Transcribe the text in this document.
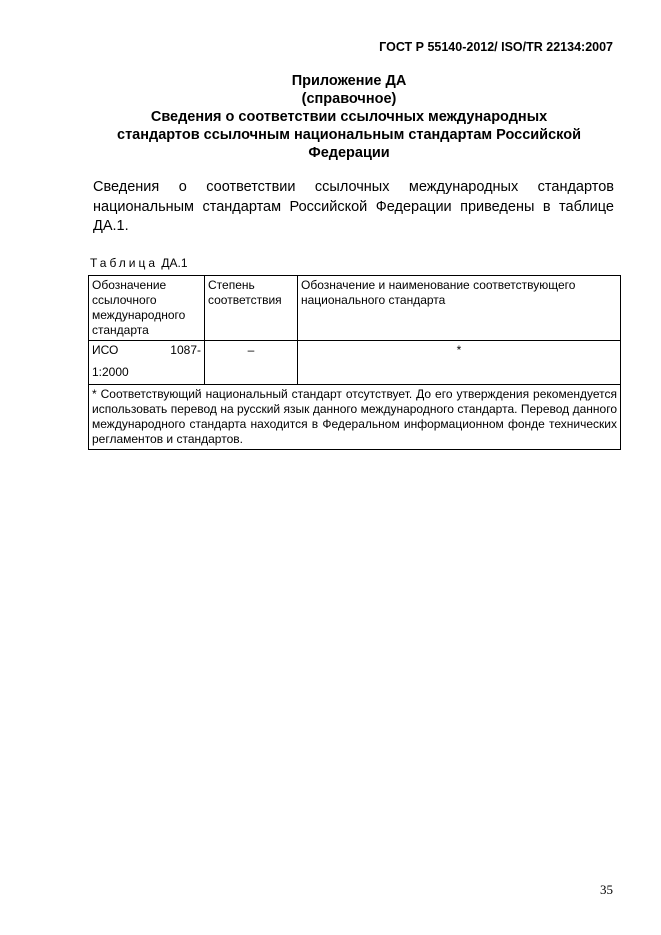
ГОСТ Р 55140-2012/ ISO/TR 22134:2007
Приложение ДА
(справочное)
Сведения о соответствии ссылочных международных
стандартов ссылочным национальным стандартам Российской
Федерации
Сведения о соответствии ссылочных международных стандартов национальным стандартам Российской Федерации приведены в таблице ДА.1.
Таблица ДА.1
Обозначение ссылочного международного стандарта	Степень соответствия	Обозначение и наименование соответствующего национального стандарта

ИСО 1087-
1:2000	–	*
* Соответствующий национальный стандарт отсутствует. До его утверждения рекомендуется использовать перевод на русский язык данного международного стандарта. Перевод данного международного стандарта находится в Федеральном информационном фонде технических регламентов и стандартов.		
35
